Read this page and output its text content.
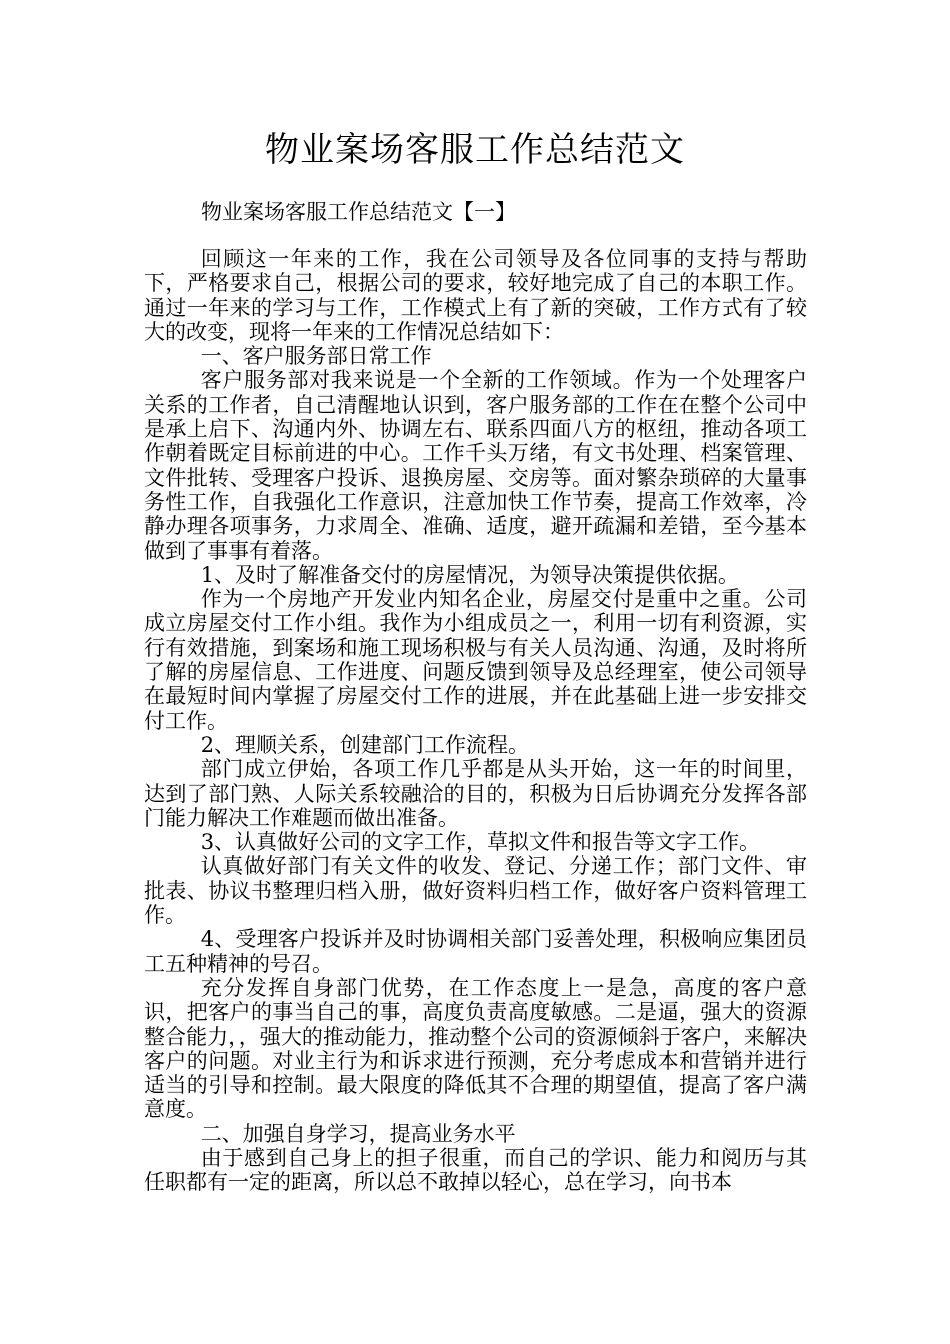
物业案场客服工作总结范文
物业案场客服工作总结范文【一】

回顾这一年来的工作，我在公司领导及各位同事的支持与帮助下，严格要求自己，根据公司的要求，较好地完成了自己的本职工作。通过一年来的学习与工作，工作模式上有了新的突破，工作方式有了较大的改变，现将一年来的工作情况总结如下：

一、客户服务部日常工作

客户服务部对我来说是一个全新的工作领域。作为一个处理客户关系的工作者，自己清醒地认识到，客户服务部的工作在在整个公司中是承上启下、沟通内外、协调左右、联系四面八方的枢纽，推动各项工作朝着既定目标前进的中心。工作千头万绪，有文书处理、档案管理、文件批转、受理客户投诉、退换房屋、交房等。面对繁杂琐碎的大量事务性工作，自我强化工作意识，注意加快工作节奏，提高工作效率，冷静办理各项事务，力求周全、准确、适度，避开疏漏和差错，至今基本做到了事事有着落。

1、及时了解准备交付的房屋情况，为领导决策提供依据。

作为一个房地产开发业内知名企业，房屋交付是重中之重。公司成立房屋交付工作小组。我作为小组成员之一，利用一切有利资源，实行有效措施，到案场和施工现场积极与有关人员沟通、沟通，及时将所了解的房屋信息、工作进度、问题反馈到领导及总经理室，使公司领导在最短时间内掌握了房屋交付工作的进展，并在此基础上进一步安排交付工作。

2、理顺关系，创建部门工作流程。

部门成立伊始，各项工作几乎都是从头开始，这一年的时间里，达到了部门熟、人际关系较融洽的目的，积极为日后协调充分发挥各部门能力解决工作难题而做出准备。

3、认真做好公司的文字工作，草拟文件和报告等文字工作。

认真做好部门有关文件的收发、登记、分递工作；部门文件、审批表、协议书整理归档入册，做好资料归档工作，做好客户资料管理工作。

4、受理客户投诉并及时协调相关部门妥善处理，积极响应集团员工五种精神的号召。

充分发挥自身部门优势，在工作态度上一是急，高度的客户意识，把客户的事当自己的事，高度负责高度敏感。二是逼，强大的资源整合能力，，强大的推动能力，推动整个公司的资源倾斜于客户，来解决客户的问题。对业主行为和诉求进行预测，充分考虑成本和营销并进行适当的引导和控制。最大限度的降低其不合理的期望值，提高了客户满意度。

二、加强自身学习，提高业务水平

由于感到自己身上的担子很重，而自己的学识、能力和阅历与其任职都有一定的距离，所以总不敢掉以轻心，总在学习，向书本
